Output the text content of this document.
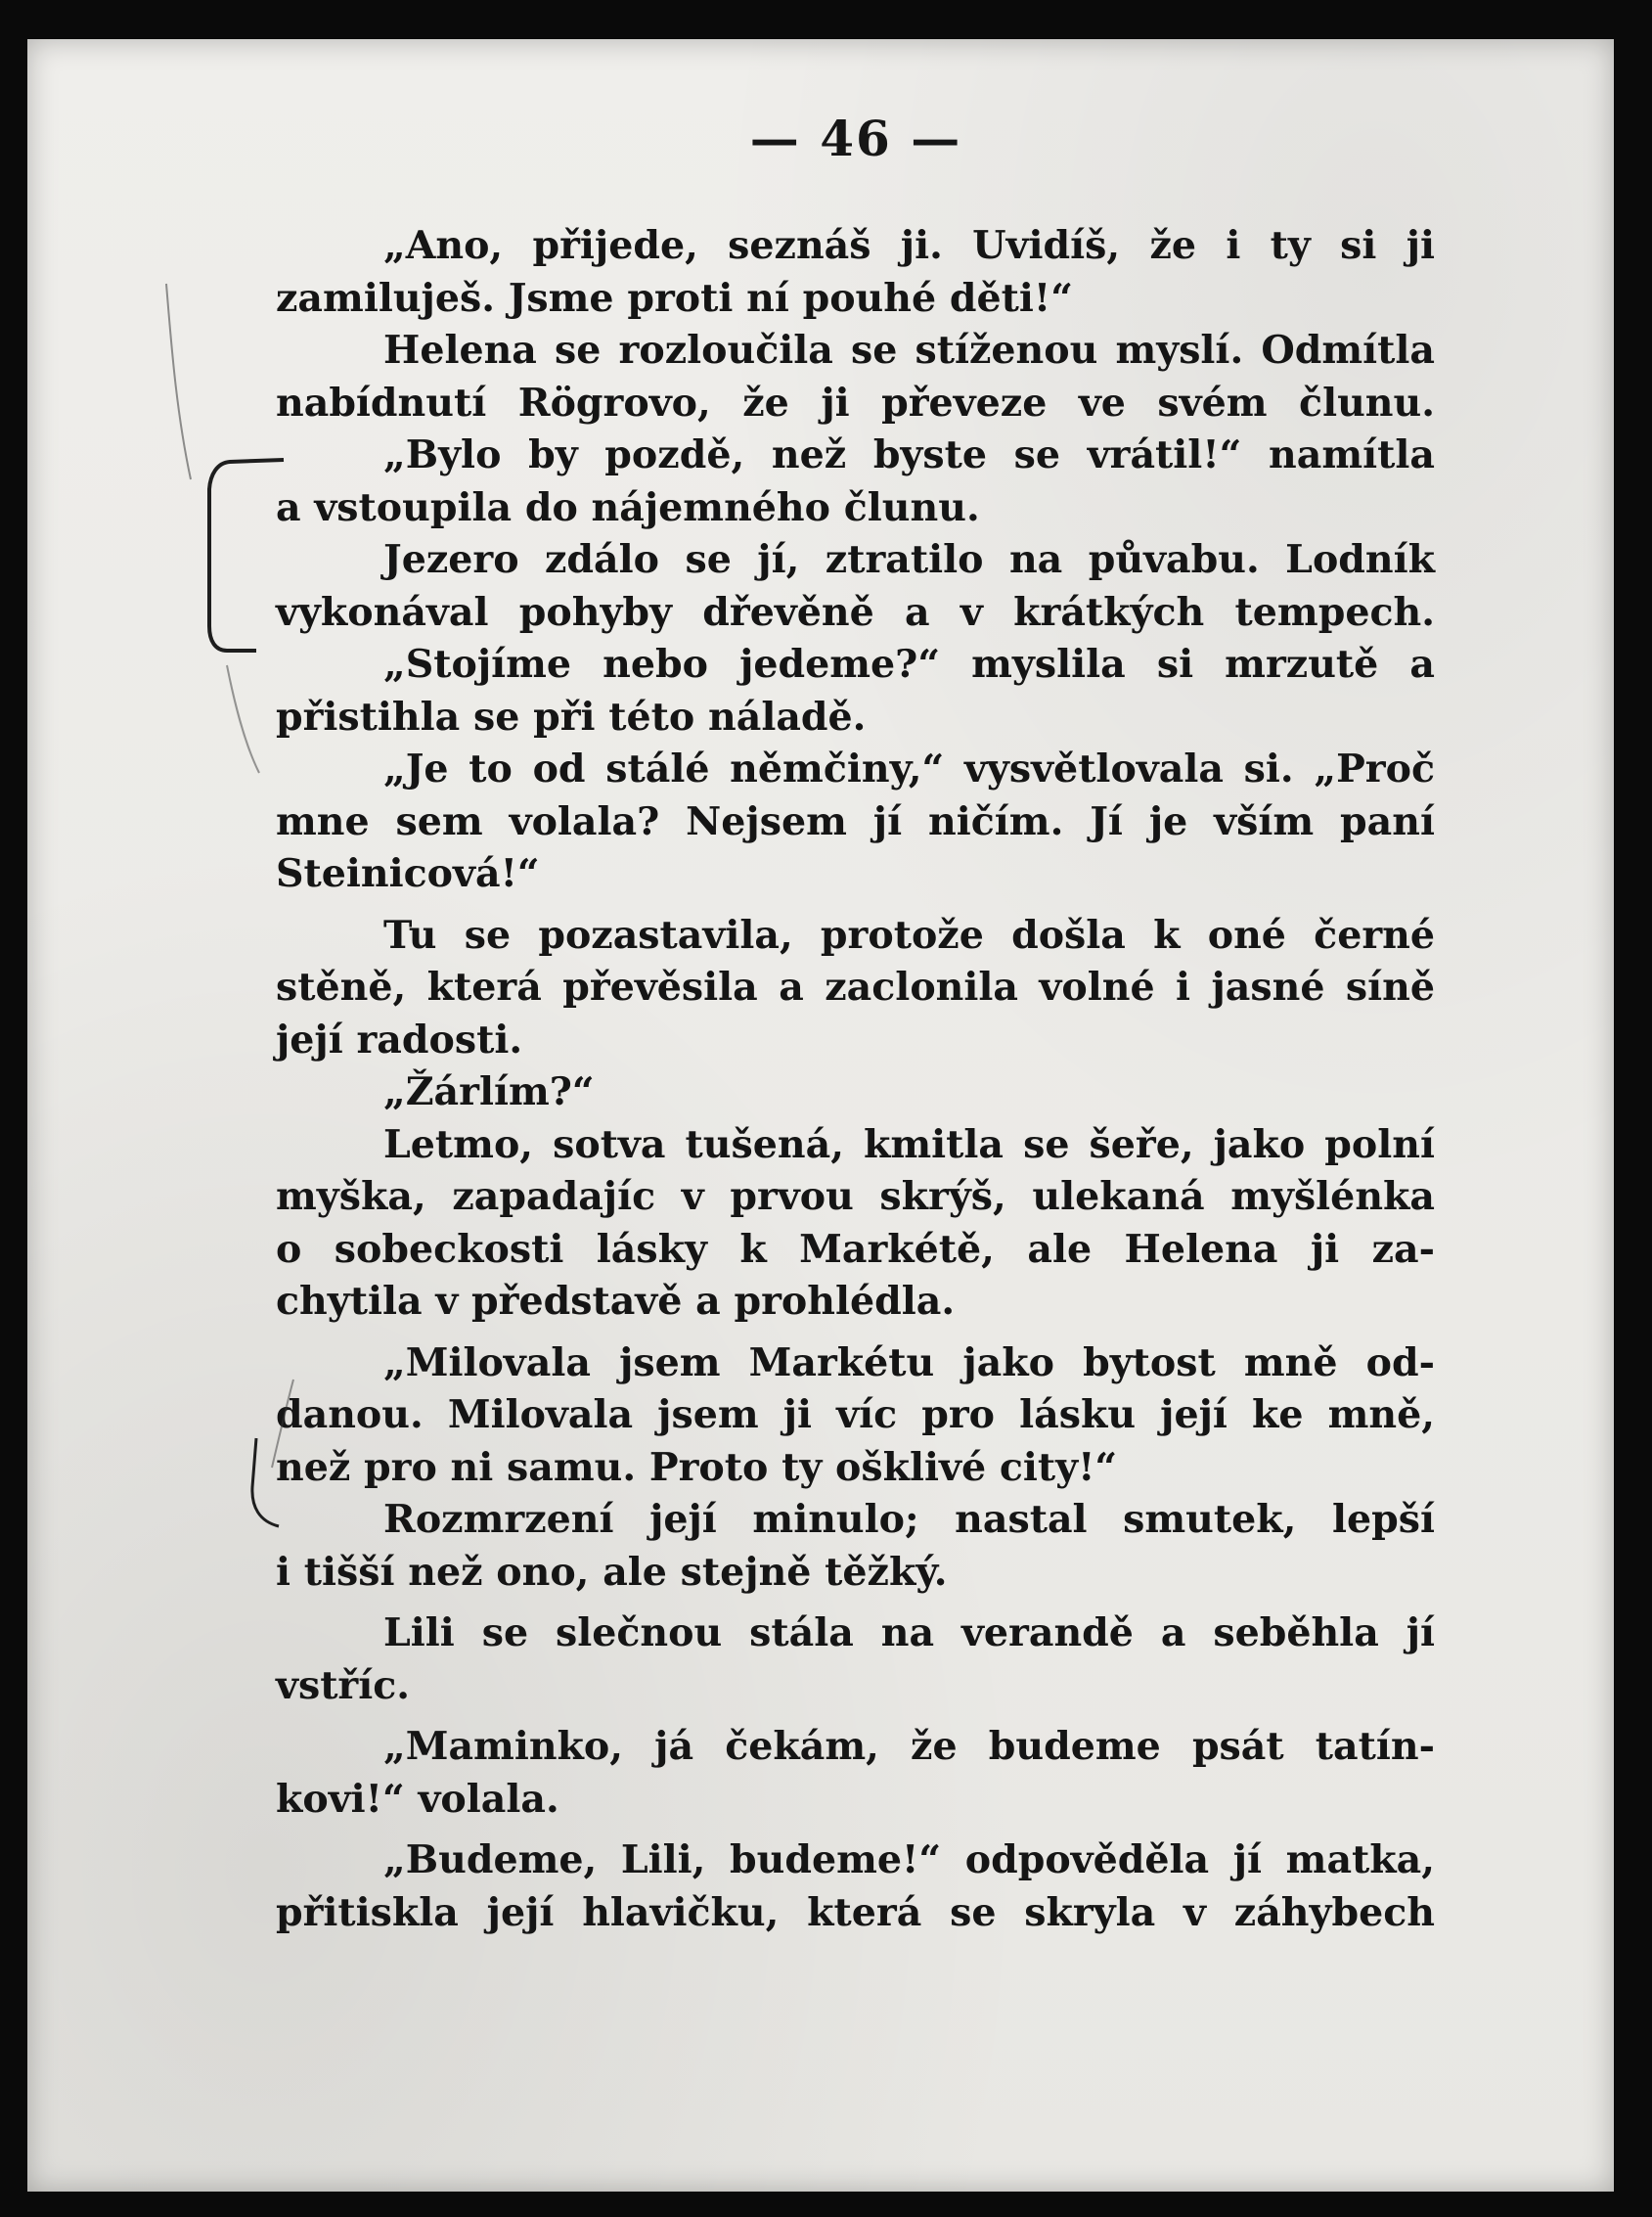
— 46 —
„Ano, přijede, seznáš ji. Uvidíš, že i ty si ji
zamiluješ. Jsme proti ní pouhé děti!“
Helena se rozloučila se stíženou myslí. Odmítla
nabídnutí Rögrovo, že ji převeze ve svém člunu.
„Bylo by pozdě, než byste se vrátil!“ namítla
a vstoupila do nájemného člunu.
Jezero zdálo se jí, ztratilo na půvabu. Lodník
vykonával pohyby dřevěně a v krátkých tempech.
„Stojíme nebo jedeme?“ myslila si mrzutě a
přistihla se při této náladě.
„Je to od stálé němčiny,“ vysvětlovala si. „Proč
mne sem volala? Nejsem jí ničím. Jí je vším paní
Steinicová!“
Tu se pozastavila, protože došla k oné černé
stěně, která převěsila a zaclonila volné i jasné síně
její radosti.
„Žárlím?“
Letmo, sotva tušená, kmitla se šeře, jako polní
myška, zapadajíc v prvou skrýš, ulekaná myšlénka
o sobeckosti lásky k Markétě, ale Helena ji za-
chytila v představě a prohlédla.
„Milovala jsem Markétu jako bytost mně od-
danou. Milovala jsem ji víc pro lásku její ke mně,
než pro ni samu. Proto ty ošklivé city!“
Rozmrzení její minulo; nastal smutek, lepší
i tišší než ono, ale stejně těžký.
Lili se slečnou stála na verandě a seběhla jí
vstříc.
„Maminko, já čekám, že budeme psát tatín-
kovi!“ volala.
„Budeme, Lili, budeme!“ odpověděla jí matka,
přitiskla její hlavičku, která se skryla v záhybech
